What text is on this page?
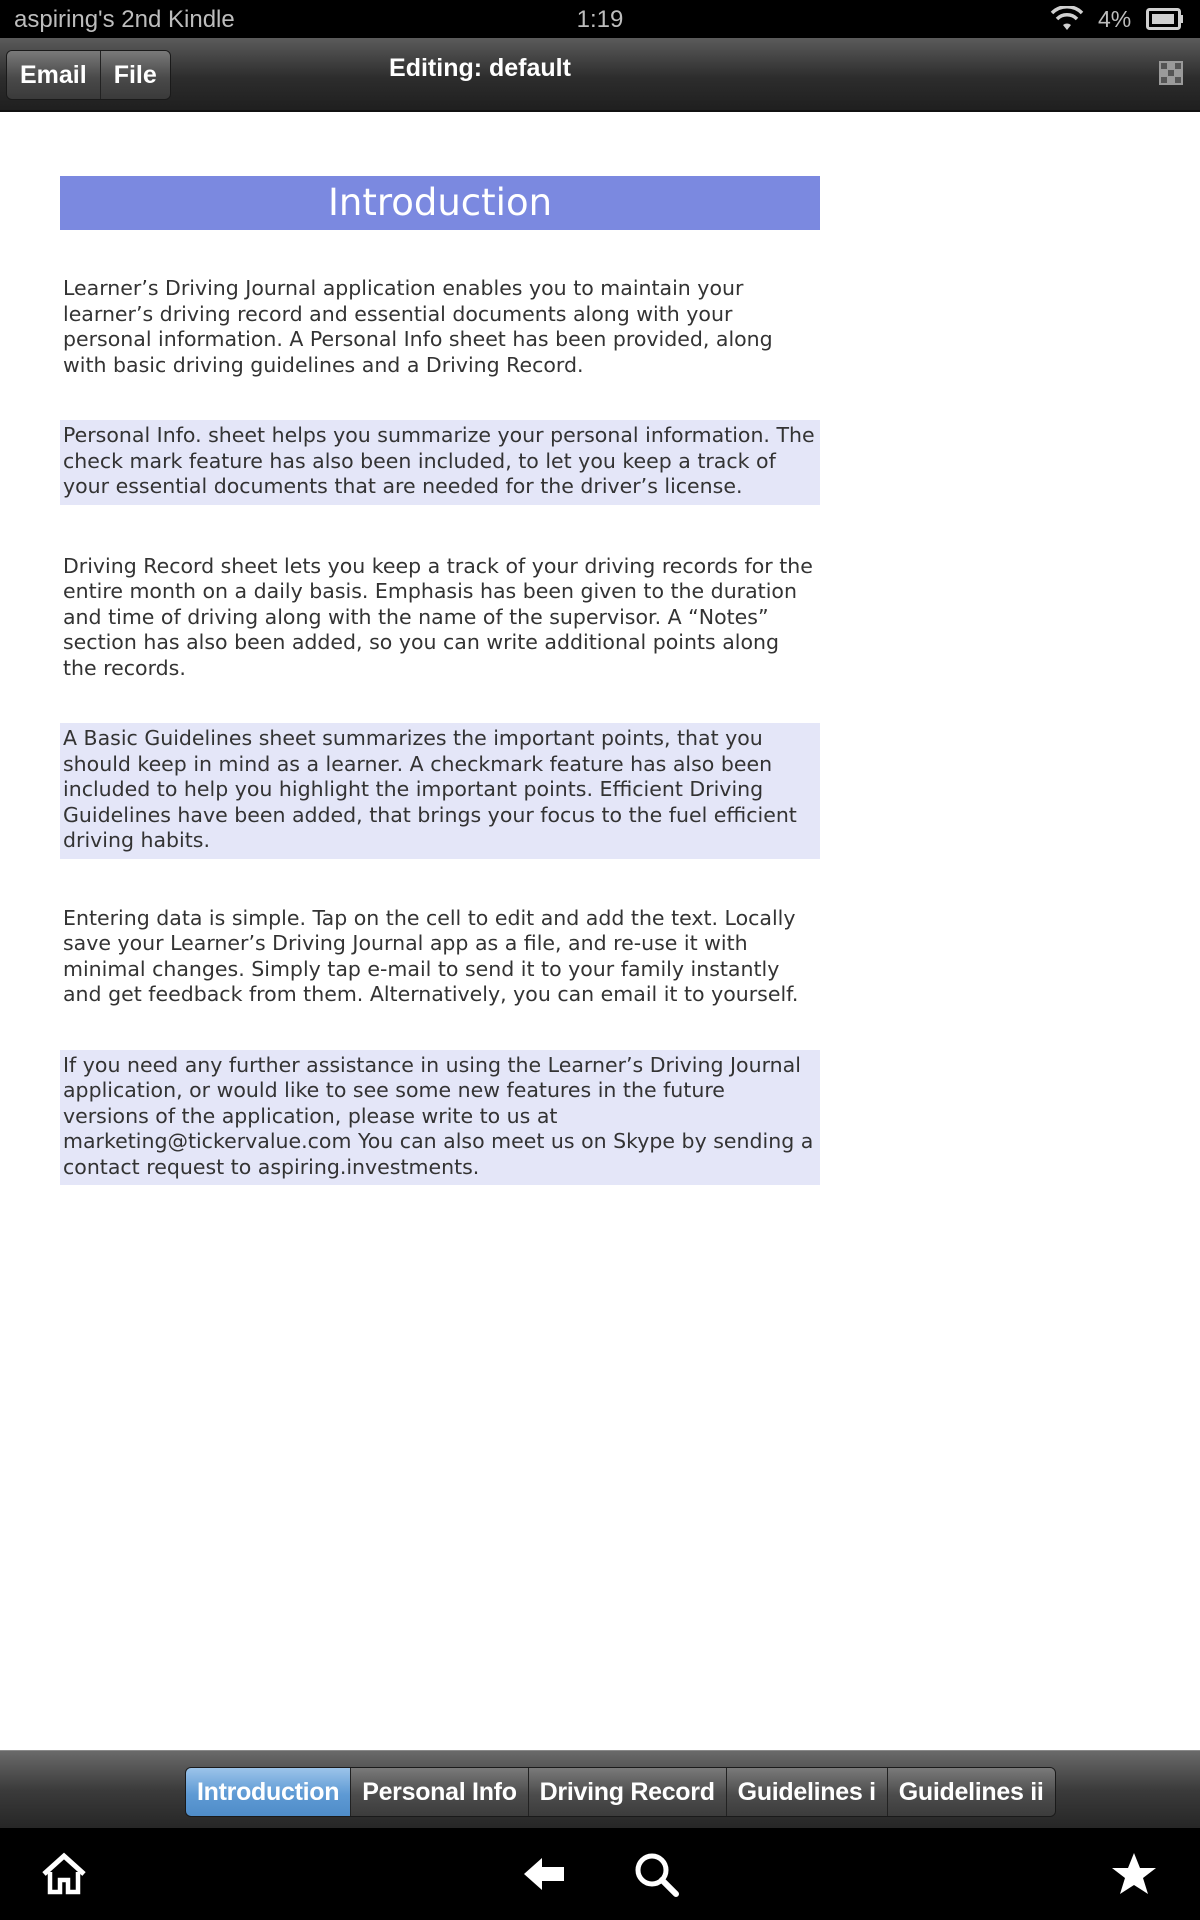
aspiring's 2nd Kindle	1:19	4%
Email	File	Editing: default
Introduction
Learner’s Driving Journal application enables you to maintain your learner’s driving record and essential documents along with your personal information. A Personal Info sheet has been provided, along with basic driving guidelines and a Driving Record.
Personal Info. sheet helps you summarize your personal information. The check mark feature has also been included, to let you keep a track of your essential documents that are needed for the driver’s license.
Driving Record sheet lets you keep a track of your driving records for the entire month on a daily basis. Emphasis has been given to the duration and time of driving along with the name of the supervisor. A “Notes” section has also been added, so you can write additional points along the records.
A Basic Guidelines sheet summarizes the important points, that you should keep in mind as a learner. A checkmark feature has also been included to help you highlight the important points. Efficient Driving Guidelines have been added, that brings your focus to the fuel efficient driving habits.
Entering data is simple. Tap on the cell to edit and add the text. Locally save your Learner’s Driving Journal app as a file, and re-use it with minimal changes. Simply tap e-mail to send it to your family instantly and get feedback from them. Alternatively, you can email it to yourself.
If you need any further assistance in using the Learner’s Driving Journal application, or would like to see some new features in the future versions of the application, please write to us at marketing@tickervalue.com You can also meet us on Skype by sending a contact request to aspiring.investments.
Introduction Personal Info Driving Record Guidelines i Guidelines ii
